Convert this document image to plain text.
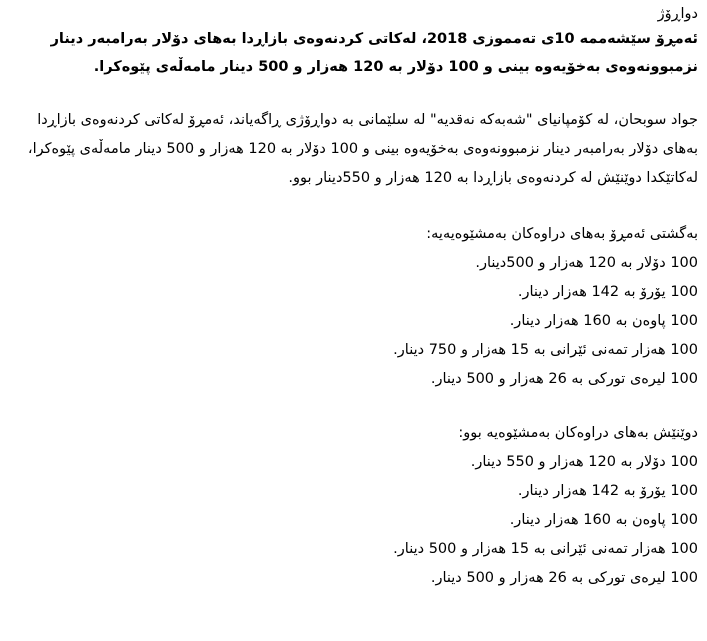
دواڕۆژ

ئەمڕۆ سێشەممە 10ی تەمموزی 2018، لەکاتی کردنەوەی بازاڕدا بەهای دۆلار بەرامبەر دینار نزمبوونەوەی بەخۆیەوە بینی و 100 دۆلار بە 120 هەزار و 500 دینار مامەڵەی پێوەکرا.

جواد سوبحان، لە کۆمپانیای "شەبەکە نەقدیە" لە سلێمانی بە دواڕۆژی ڕاگەیاند، ئەمڕۆ لەکاتی کردنەوەی بازاڕدا بەهای دۆلار بەرامبەر دینار نزمبوونەوەی بەخۆیەوە بینی و 100 دۆلار بە 120 هەزار و 500 دینار مامەڵەی پێوەکرا، لەکاتێکدا دوێنێش لە کردنەوەی بازاڕدا بە 120 هەزار و 550دینار بوو.

بەگشتی ئەمڕۆ بەهای دراوەکان بەمشێوەیەیە:

100 دۆلار بە 120 هەزار و 500دینار.
100 یۆرۆ بە 142 هەزار دینار.
100 پاوەن بە 160 هەزار دینار.
100 هەزار تمەنی ئێرانی بە 15 هەزار و 750 دینار.
100 لیرەی تورکی بە 26 هەزار و 500 دینار.

دوێنێش بەهای دراوەکان بەمشێوەیە بوو:

100 دۆلار بە 120 هەزار و 550 دینار.
100 یۆرۆ بە 142 هەزار دینار.
100 پاوەن بە 160 هەزار دینار.
100 هەزار تمەنی ئێرانی بە 15 هەزار و 500 دینار.
100 لیرەی تورکی بە 26 هەزار و 500 دینار.
